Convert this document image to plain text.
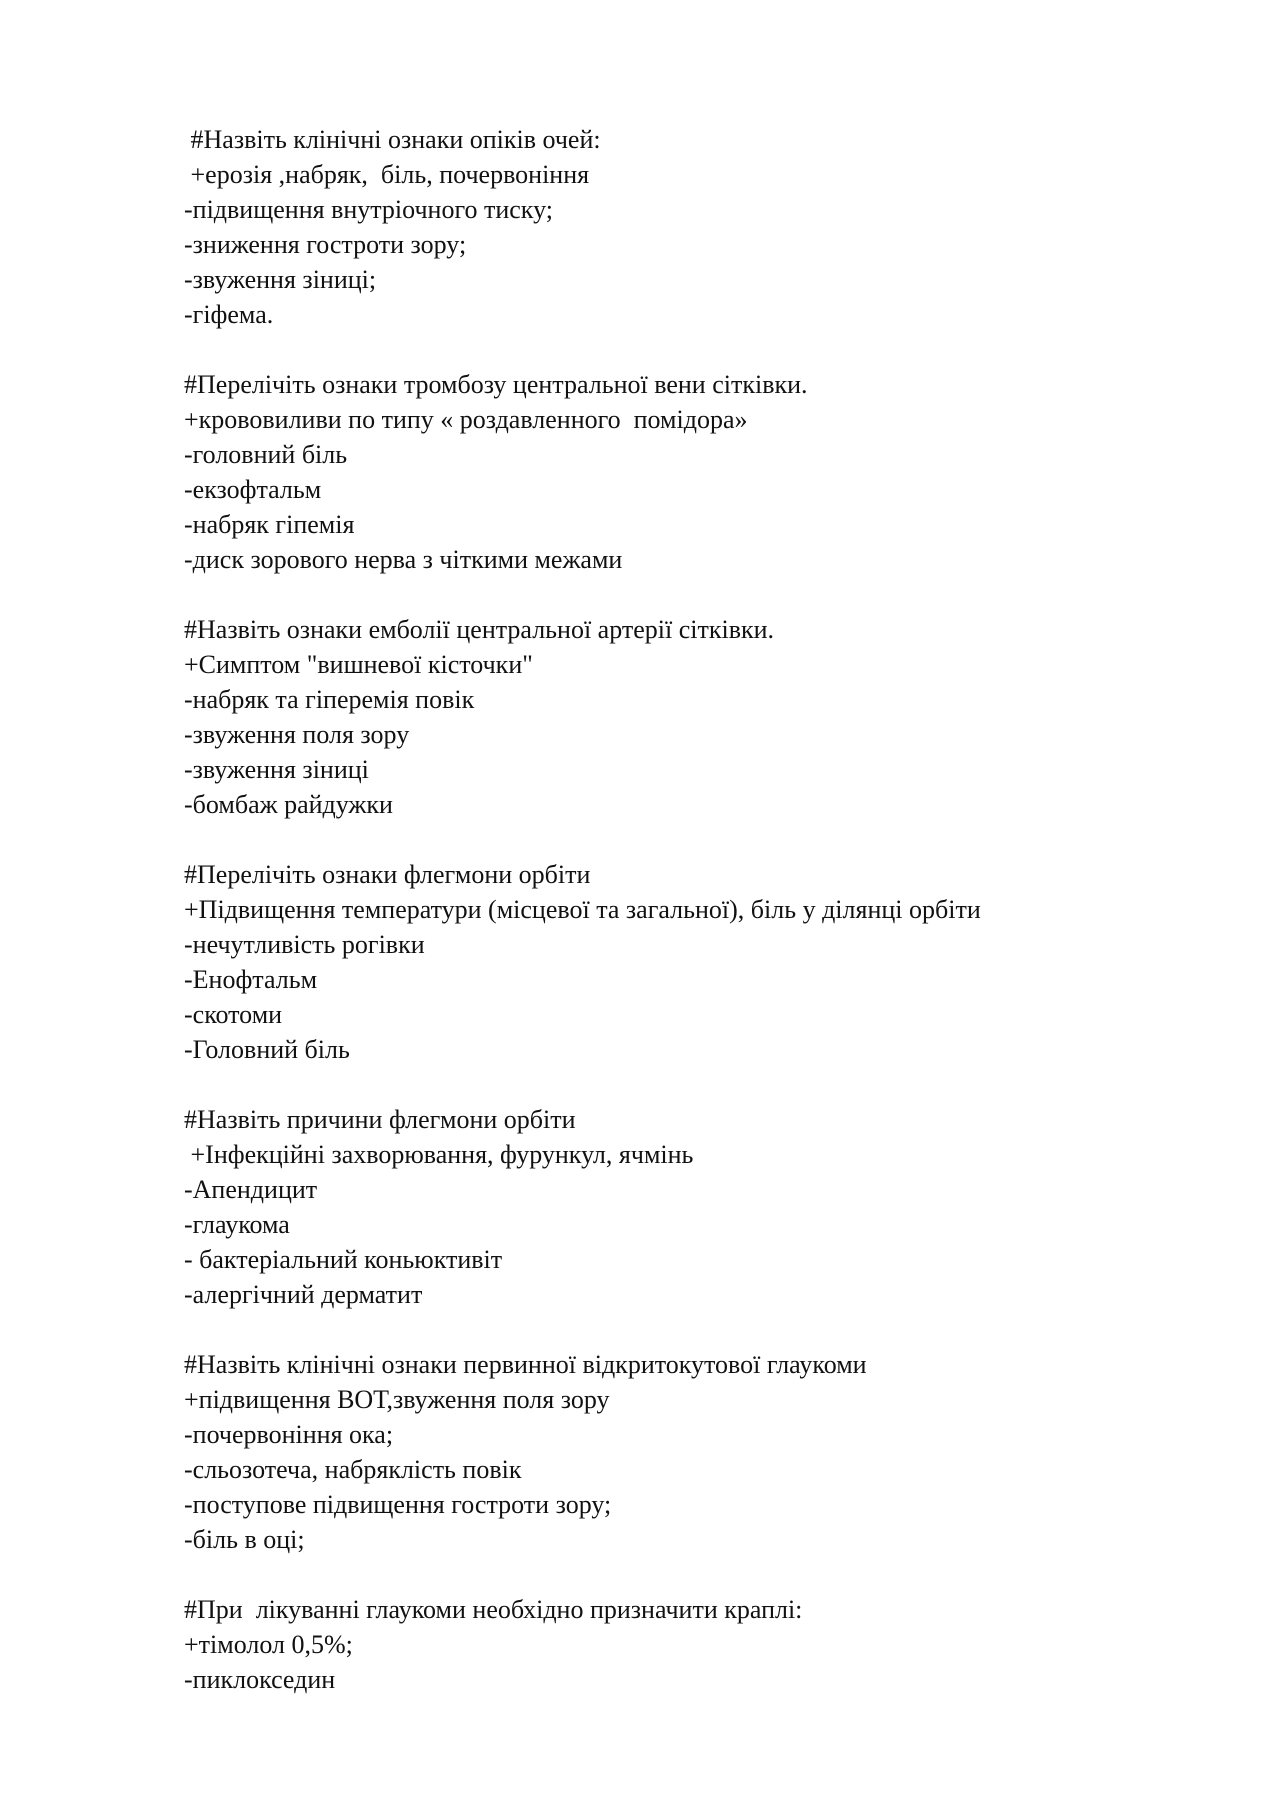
#Назвіть клінічні ознаки опіків очей:
+ерозія ,набряк,  біль, почервоніння
-підвищення внутріочного тиску;
-зниження гостроти зору;
-звуження зіниці;
-гіфема.
#Перелічіть ознаки тромбозу центральної вени сітківки.
+крововиливи по типу « роздавленного  помідора»
-головний біль
-екзофтальм
-набряк гіпемія
-диск зорового нерва з чіткими межами
#Назвіть ознаки емболії центральної артерії сітківки.
+Симптом "вишневої кісточки"
-набряк та гіперемія повік
-звуження поля зору
-звуження зіниці
-бомбаж райдужки
#Перелічіть ознаки флегмони орбіти
+Підвищення температури (місцевої та загальної), біль у ділянці орбіти
-нечутливість рогівки
-Енофтальм
-скотоми
-Головний біль
#Назвіть причини флегмони орбіти
+Інфекційні захворювання, фурункул, ячмінь
-Апендицит
-глаукома
- бактеріальний коньюктивіт
-алергічний дерматит
#Назвіть клінічні ознаки первинної відкритокутової глаукоми
+підвищення ВОТ,звуження поля зору
-почервоніння ока;
-сльозотеча, набряклість повік
-поступове підвищення гостроти зору;
-біль в оці;
#При  лікуванні глаукоми необхідно призначити краплі:
+тімолол 0,5%;
-пиклокседин
